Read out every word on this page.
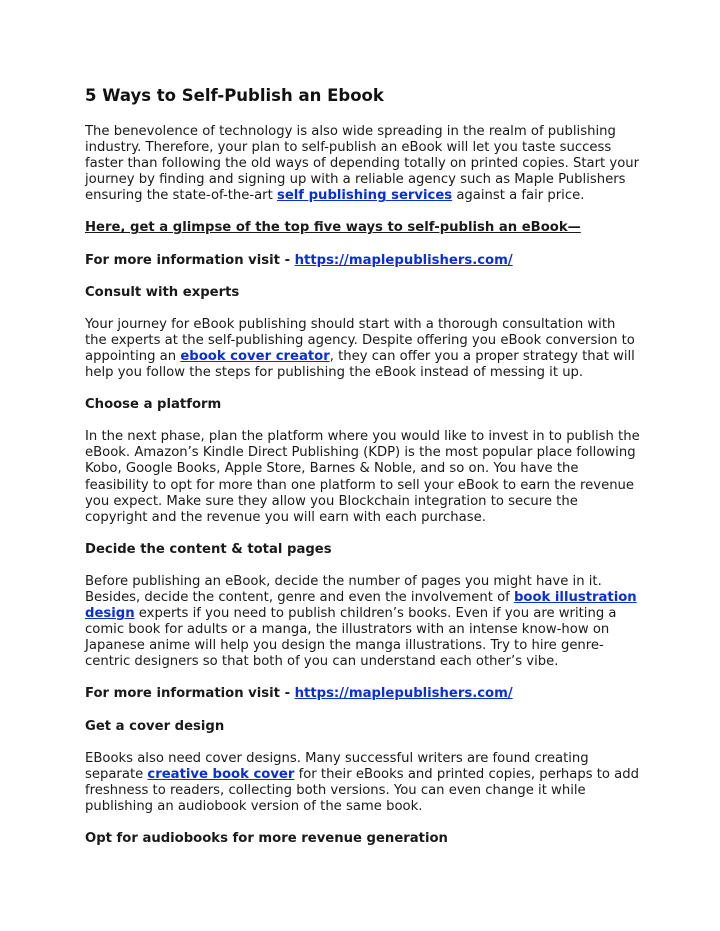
5 Ways to Self-Publish an Ebook

The benevolence of technology is also wide spreading in the realm of publishing industry. Therefore, your plan to self-publish an eBook will let you taste success faster than following the old ways of depending totally on printed copies. Start your journey by finding and signing up with a reliable agency such as Maple Publishers ensuring the state-of-the-art self publishing services against a fair price.

Here, get a glimpse of the top five ways to self-publish an eBook—

For more information visit - https://maplepublishers.com/

Consult with experts

Your journey for eBook publishing should start with a thorough consultation with the experts at the self-publishing agency. Despite offering you eBook conversion to appointing an ebook cover creator, they can offer you a proper strategy that will help you follow the steps for publishing the eBook instead of messing it up.

Choose a platform

In the next phase, plan the platform where you would like to invest in to publish the eBook. Amazon’s Kindle Direct Publishing (KDP) is the most popular place following Kobo, Google Books, Apple Store, Barnes & Noble, and so on. You have the feasibility to opt for more than one platform to sell your eBook to earn the revenue you expect. Make sure they allow you Blockchain integration to secure the copyright and the revenue you will earn with each purchase.

Decide the content & total pages

Before publishing an eBook, decide the number of pages you might have in it. Besides, decide the content, genre and even the involvement of book illustration design experts if you need to publish children’s books. Even if you are writing a comic book for adults or a manga, the illustrators with an intense know-how on Japanese anime will help you design the manga illustrations. Try to hire genre-centric designers so that both of you can understand each other’s vibe.

For more information visit - https://maplepublishers.com/

Get a cover design

EBooks also need cover designs. Many successful writers are found creating separate creative book cover for their eBooks and printed copies, perhaps to add freshness to readers, collecting both versions. You can even change it while publishing an audiobook version of the same book.

Opt for audiobooks for more revenue generation
